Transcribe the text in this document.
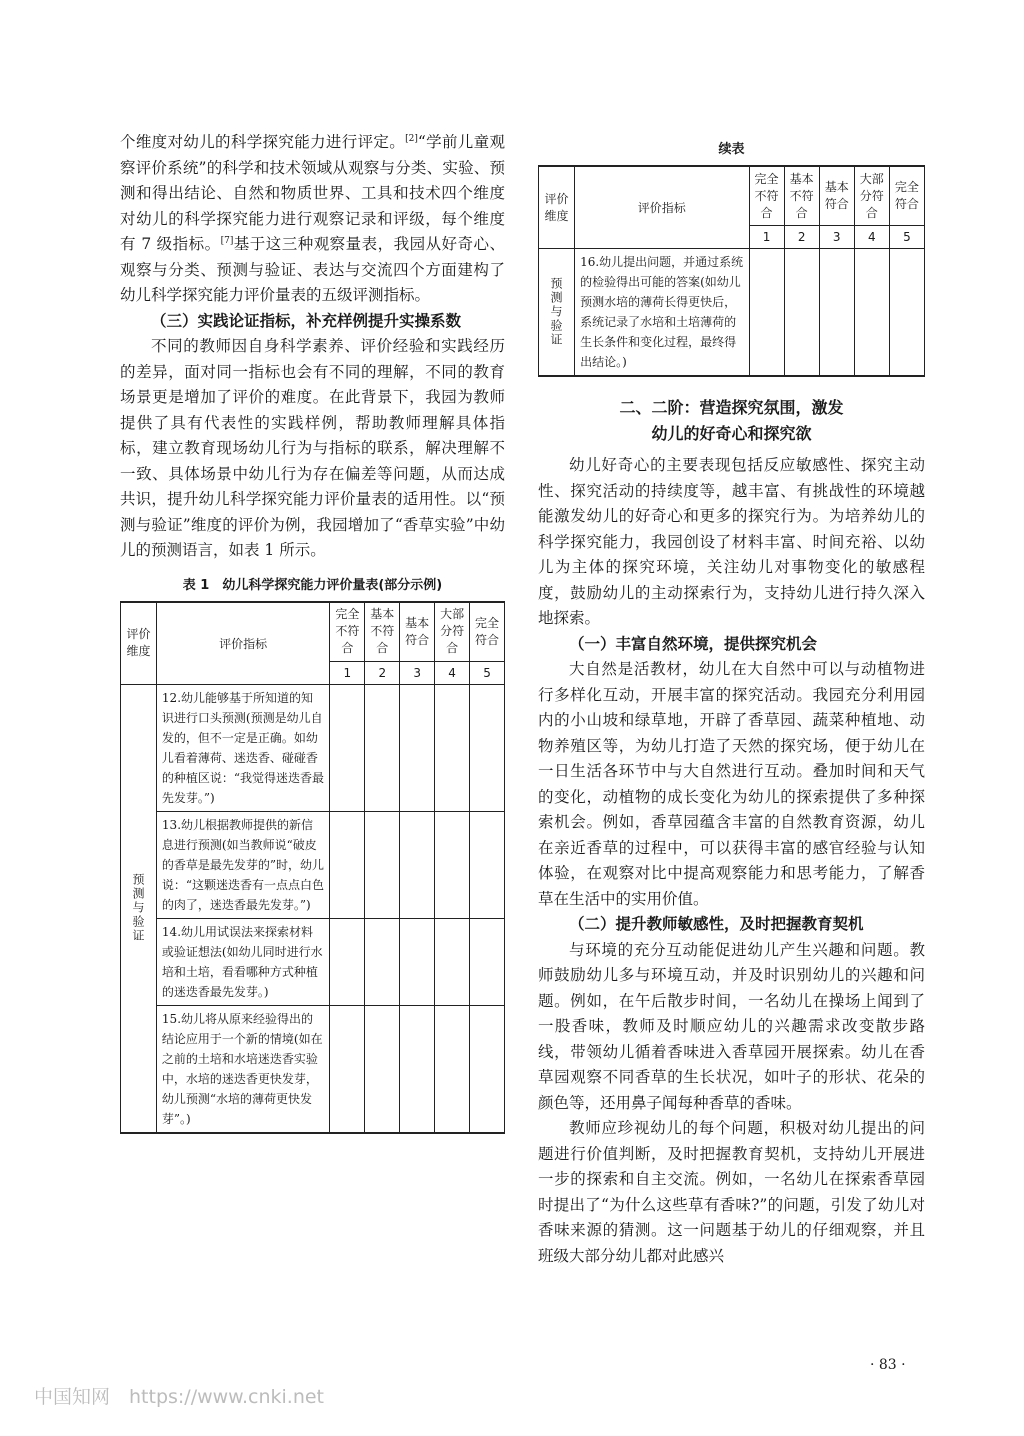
个维度对幼儿的科学探究能力进行评定。[2]“学前儿童观察评价系统”的科学和技术领域从观察与分类、实验、预测和得出结论、自然和物质世界、工具和技术四个维度对幼儿的科学探究能力进行观察记录和评级，每个维度有 7 级指标。[7]基于这三种观察量表，我园从好奇心、观察与分类、预测与验证、表达与交流四个方面建构了幼儿科学探究能力评价量表的五级评测指标。

（三）实践论证指标，补充样例提升实操系数

不同的教师因自身科学素养、评价经验和实践经历的差异，面对同一指标也会有不同的理解，不同的教育场景更是增加了评价的难度。在此背景下，我园为教师提供了具有代表性的实践样例，帮助教师理解具体指标，建立教育现场幼儿行为与指标的联系，解决理解不一致、具体场景中幼儿行为存在偏差等问题，从而达成共识，提升幼儿科学探究能力评价量表的适用性。以“预测与验证”维度的评价为例，我园增加了“香草实验”中幼儿的预测语言，如表 1 所示。

表 1　幼儿科学探究能力评价量表(部分示例)
评价维度	评价指标	完全不符合	基本不符合	基本符合	大部分符合	完全符合
		1	2	3	4	5

预测与验证	12.幼儿能够基于所知道的知识进行口头预测(预测是幼儿自发的，但不一定是正确。如幼儿看着薄荷、迷迭香、碰碰香的种植区说：“我觉得迷迭香最先发芽。”)					
	13.幼儿根据教师提供的新信息进行预测(如当教师说“破皮的香草是最先发芽的”时，幼儿说：“这颗迷迭香有一点点白色的肉了，迷迭香最先发芽。”)					
	14.幼儿用试误法来探索材料或验证想法(如幼儿同时进行水培和土培，看看哪种方式种植的迷迭香最先发芽。)					
	15.幼儿将从原来经验得出的结论应用于一个新的情境(如在之前的土培和水培迷迭香实验中，水培的迷迭香更快发芽，幼儿预测“水培的薄荷更快发芽”。)					
续表
评价维度	评价指标	完全不符合	基本不符合	基本符合	大部分符合	完全符合
		1	2	3	4	5

预测与验证	16.幼儿提出问题，并通过系统的检验得出可能的答案(如幼儿预测水培的薄荷长得更快后，系统记录了水培和土培薄荷的生长条件和变化过程，最终得出结论。)					
二、二阶：营造探究氛围，激发
幼儿的好奇心和探究欲

幼儿好奇心的主要表现包括反应敏感性、探究主动性、探究活动的持续度等，越丰富、有挑战性的环境越能激发幼儿的好奇心和更多的探究行为。为培养幼儿的科学探究能力，我园创设了材料丰富、时间充裕、以幼儿为主体的探究环境，关注幼儿对事物变化的敏感程度，鼓励幼儿的主动探索行为，支持幼儿进行持久深入地探索。

（一）丰富自然环境，提供探究机会

大自然是活教材，幼儿在大自然中可以与动植物进行多样化互动，开展丰富的探究活动。我园充分利用园内的小山坡和绿草地，开辟了香草园、蔬菜种植地、动物养殖区等，为幼儿打造了天然的探究场，便于幼儿在一日生活各环节中与大自然进行互动。叠加时间和天气的变化，动植物的成长变化为幼儿的探索提供了多种探索机会。例如，香草园蕴含丰富的自然教育资源，幼儿在亲近香草的过程中，可以获得丰富的感官经验与认知体验，在观察对比中提高观察能力和思考能力，了解香草在生活中的实用价值。

（二）提升教师敏感性，及时把握教育契机

与环境的充分互动能促进幼儿产生兴趣和问题。教师鼓励幼儿多与环境互动，并及时识别幼儿的兴趣和问题。例如，在午后散步时间，一名幼儿在操场上闻到了一股香味，教师及时顺应幼儿的兴趣需求改变散步路线，带领幼儿循着香味进入香草园开展探索。幼儿在香草园观察不同香草的生长状况，如叶子的形状、花朵的颜色等，还用鼻子闻每种香草的香味。

教师应珍视幼儿的每个问题，积极对幼儿提出的问题进行价值判断，及时把握教育契机，支持幼儿开展进一步的探索和自主交流。例如，一名幼儿在探索香草园时提出了“为什么这些草有香味?”的问题，引发了幼儿对香味来源的猜测。这一问题基于幼儿的仔细观察，并且班级大部分幼儿都对此感兴

· 83 ·
中国知网　https://www.cnki.net
